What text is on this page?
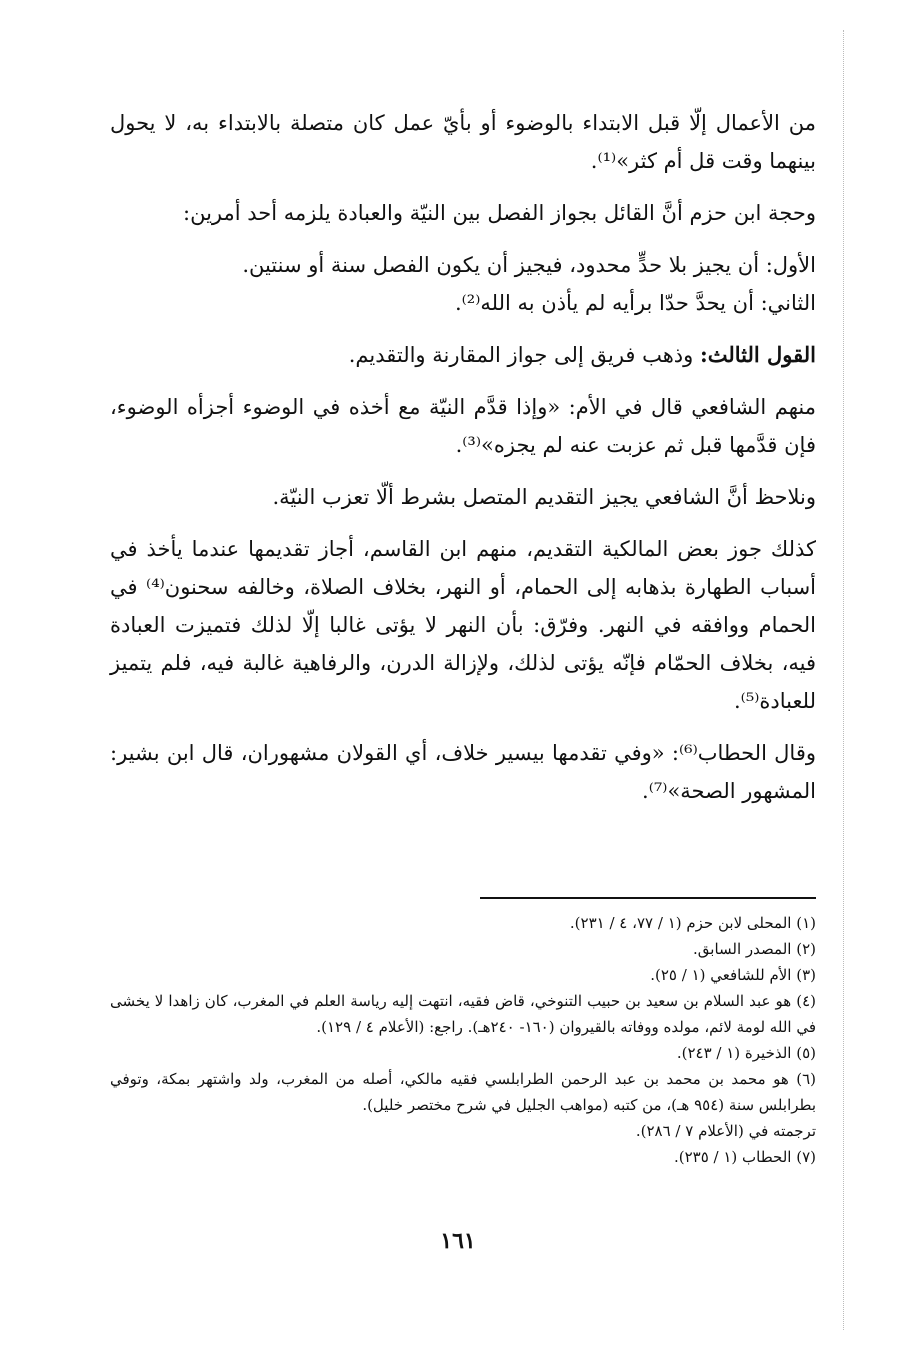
من الأعمال إلّا قبل الابتداء بالوضوء أو بأيّ عمل كان متصلة بالابتداء به، لا يحول بينهما وقت قل أم كثر»⁽¹⁾.

وحجة ابن حزم أنَّ القائل بجواز الفصل بين النيّة والعبادة يلزمه أحد أمرين:

الأول: أن يجيز بلا حدٍّ محدود، فيجيز أن يكون الفصل سنة أو سنتين.

الثاني: أن يحدَّ حدّا برأيه لم يأذن به الله⁽²⁾.

القول الثالث: وذهب فريق إلى جواز المقارنة والتقديم.

منهم الشافعي قال في الأم: «وإذا قدَّم النيّة مع أخذه في الوضوء أجزأه الوضوء، فإن قدَّمها قبل ثم عزبت عنه لم يجزه»⁽³⁾.

ونلاحظ أنَّ الشافعي يجيز التقديم المتصل بشرط ألّا تعزب النيّة.

كذلك جوز بعض المالكية التقديم، منهم ابن القاسم، أجاز تقديمها عندما يأخذ في أسباب الطهارة بذهابه إلى الحمام، أو النهر، بخلاف الصلاة، وخالفه سحنون⁽⁴⁾ في الحمام ووافقه في النهر. وفرّق: بأن النهر لا يؤتى غالبا إلّا لذلك فتميزت العبادة فيه، بخلاف الحمّام فإنّه يؤتى لذلك، ولإزالة الدرن، والرفاهية غالبة فيه، فلم يتميز للعبادة⁽⁵⁾.

وقال الحطاب⁽⁶⁾: «وفي تقدمها بيسير خلاف، أي القولان مشهوران، قال ابن بشير: المشهور الصحة»⁽⁷⁾.

(١) المحلى لابن حزم (١ / ٧٧، ٤ / ٢٣١).

(٢) المصدر السابق.

(٣) الأم للشافعي (١ / ٢٥).

(٤) هو عبد السلام بن سعيد بن حبيب التنوخي، قاض فقيه، انتهت إليه رياسة العلم في المغرب، كان زاهدا لا يخشى في الله لومة لائم، مولده ووفاته بالقيروان (١٦٠- ٢٤٠هـ). راجع: (الأعلام ٤ / ١٢٩).

(٥) الذخيرة (١ / ٢٤٣).

(٦) هو محمد بن محمد بن عبد الرحمن الطرابلسي فقيه مالكي، أصله من المغرب، ولد واشتهر بمكة، وتوفي بطرابلس سنة (٩٥٤ هـ)، من كتبه (مواهب الجليل في شرح مختصر خليل).

ترجمته في (الأعلام ٧ / ٢٨٦).

(٧) الحطاب (١ / ٢٣٥).

١٦١
